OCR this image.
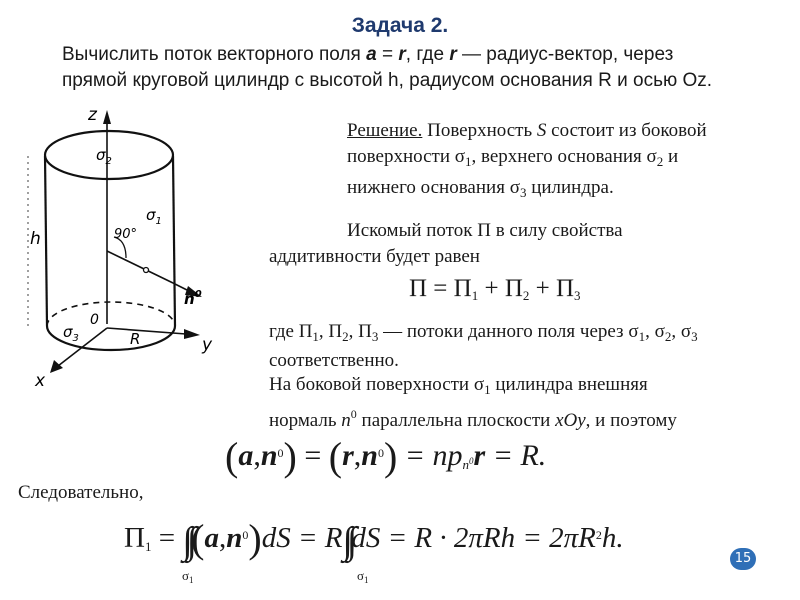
Задача 2.
Вычислить поток векторного поля a = r, где r — радиус-вектор, через
прямой круговой цилиндр с высотой h, радиусом основания R и осью Oz.
z
$\sigma_2$
$\sigma_1$
h	90°
$n^0$
0
$\sigma_3$	R	y
x
Решение. Поверхность S состоит из боковой
поверхности $\sigma_1$, верхнего основания $\sigma_2$ и
нижнего основания $\sigma_3$ цилиндра.
Искомый поток Π в силу свойства
аддитивности будет равен
$\Pi = \Pi_1 + \Pi_2 + \Pi_3$
где $\Pi_1$, $\Pi_2$, $\Pi_3$ — потоки данного поля через $\sigma_1$, $\sigma_2$, $\sigma_3$
соответственно.
На боковой поверхности $\sigma_1$ цилиндра внешняя
нормаль $n^0$ параллельна плоскости xOy, и поэтому
$(a,n^0) = (r,n^0) = np_{n^0}r = R$.
Следовательно,
$\Pi_1 = \int\int(a,n^0)dS = R\int\int dS = R \cdot 2\pi Rh = 2\pi R^2h$.
$\sigma_1$	$\sigma_1$
15
